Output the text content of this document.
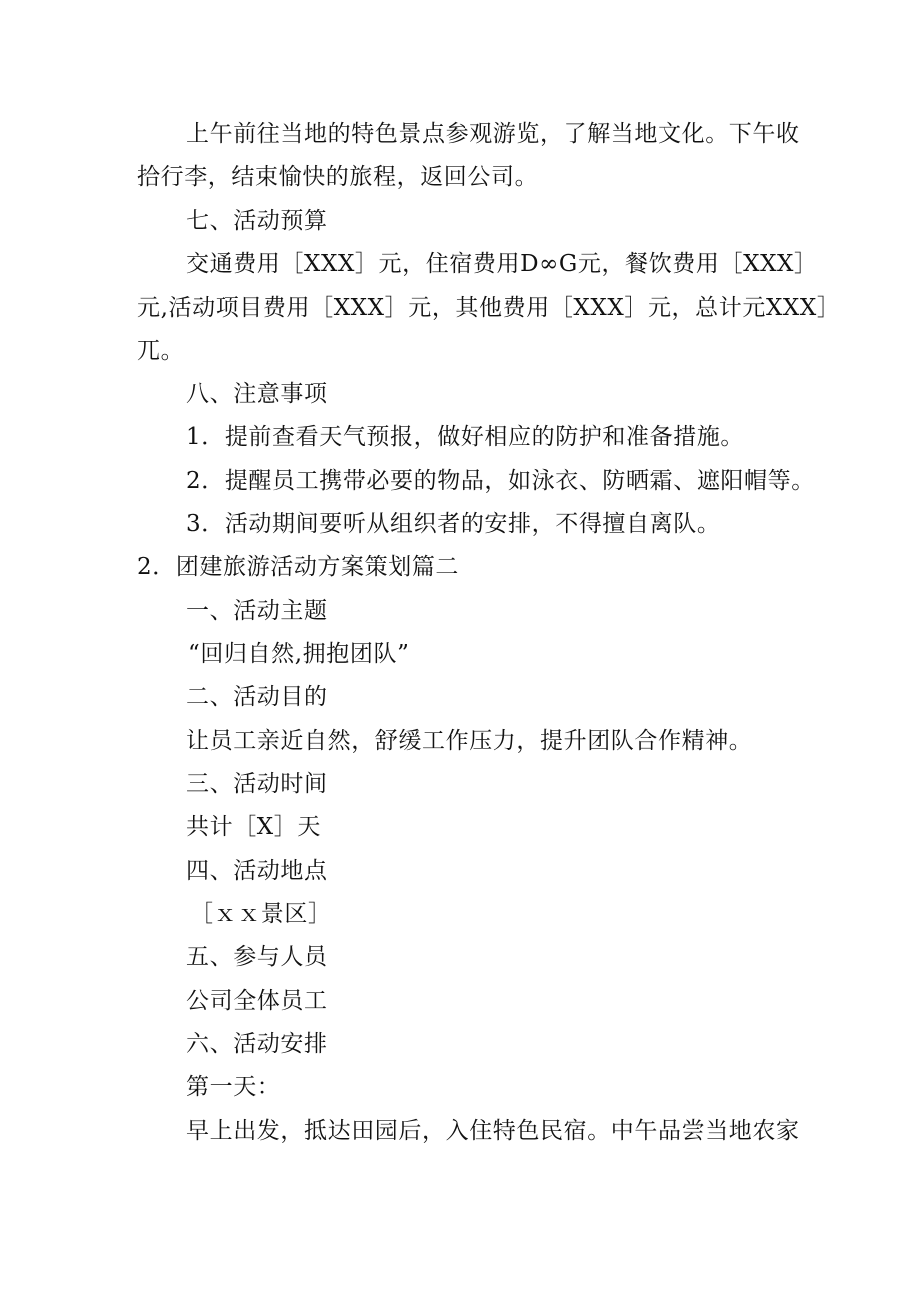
上午前往当地的特色景点参观游览，了解当地文化。下午收
拾行李，结束愉快的旅程，返回公司。
七、活动预算
交通费用［XXX］元，住宿费用D∞G元，餐饮费用［XXX］
元,活动项目费用［XXX］元，其他费用［XXX］元，总计元XXX］
兀。
八、注意事项
1．提前查看天气预报，做好相应的防护和准备措施。
2．提醒员工携带必要的物品，如泳衣、防晒霜、遮阳帽等。
3．活动期间要听从组织者的安排，不得擅自离队。
2．团建旅游活动方案策划篇二
一、活动主题
“回归自然,拥抱团队”
二、活动目的
让员工亲近自然，舒缓工作压力，提升团队合作精神。
三、活动时间
共计［X］天
四、活动地点
［ｘｘ景区］
五、参与人员
公司全体员工
六、活动安排
第一天：
早上出发，抵达田园后，入住特色民宿。中午品尝当地农家
